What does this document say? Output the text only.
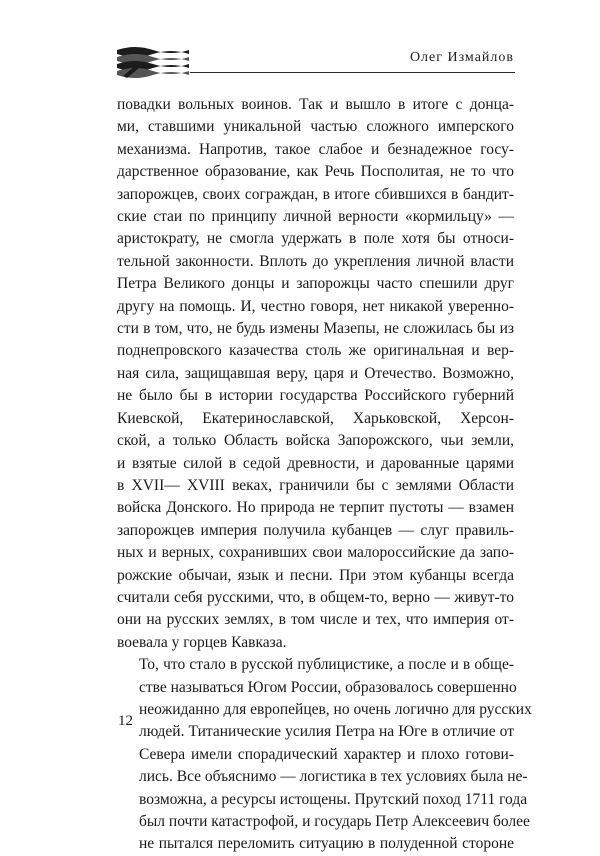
Олег Измайлов

повадки вольных воинов. Так и вышло в итоге с донца-
ми, ставшими уникальной частью сложного имперского
механизма. Напротив, такое слабое и безнадежное госу-
дарственное образование, как Речь Посполитая, не то что
запорожцев, своих сограждан, в итоге сбившихся в бандит-
ские стаи по принципу личной верности «кормильцу» —
аристократу, не смогла удержать в поле хотя бы относи-
тельной законности. Вплоть до укрепления личной власти
Петра Великого донцы и запорожцы часто спешили друг
другу на помощь. И, честно говоря, нет никакой уверенно-
сти в том, что, не будь измены Мазепы, не сложилась бы из
поднепровского казачества столь же оригинальная и вер-
ная сила, защищавшая веру, царя и Отечество. Возможно,
не было бы в истории государства Российского губерний
Киевской, Екатеринославской, Харьковской, Херсон-
ской, а только Область войска Запорожского, чьи земли,
и взятые силой в седой древности, и дарованные царями
в XVII— XVIII веках, граничили бы с землями Области
войска Донского. Но природа не терпит пустоты — взамен
запорожцев империя получила кубанцев — слуг правиль-
ных и верных, сохранивших свои малороссийские да запо-
рожские обычаи, язык и песни. При этом кубанцы всегда
считали себя русскими, что, в общем-то, верно — живут-то
они на русских землях, в том числе и тех, что империя от-
воевала у горцев Кавказа.

То, что стало в русской публицистике, а после и в обще-
стве называться Югом России, образовалось совершенно
неожиданно для европейцев, но очень логично для русских
людей. Титанические усилия Петра на Юге в отличие от
Севера имели спорадический характер и плохо готови-
лись. Все объяснимо — логистика в тех условиях была не-
возможна, а ресурсы истощены. Прутский поход 1711 года
был почти катастрофой, и государь Петр Алексеевич более
не пытался переломить ситуацию в полуденной стороне

12
